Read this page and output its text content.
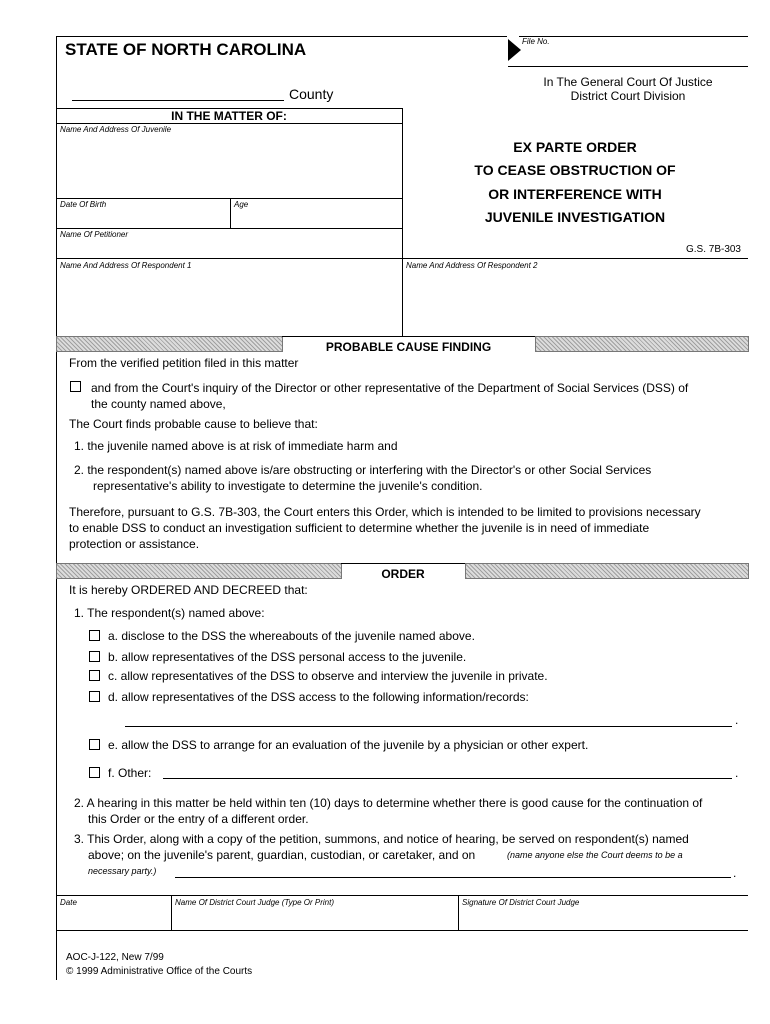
STATE OF NORTH CAROLINA	File No.
County
In The General Court Of Justice
District Court Division
IN THE MATTER OF:
Name And Address Of Juvenile
Date Of Birth	Age
Name Of Petitioner
EX PARTE ORDER
TO CEASE OBSTRUCTION OF
OR INTERFERENCE WITH
JUVENILE INVESTIGATION
G.S. 7B-303
Name And Address Of Respondent 1	Name And Address Of Respondent 2
PROBABLE CAUSE FINDING
From the verified petition filed in this matter
and from the Court's inquiry of the Director or other representative of the Department of Social Services (DSS) of
the county named above,
The Court finds probable cause to believe that:
1. the juvenile named above is at risk of immediate harm and
2. the respondent(s) named above is/are obstructing or interfering with the Director's or other Social Services
representative's ability to investigate to determine the juvenile's condition.
Therefore, pursuant to G.S. 7B-303, the Court enters this Order, which is intended to be limited to provisions necessary
to enable DSS to conduct an investigation sufficient to determine whether the juvenile is in need of immediate
protection or assistance.
ORDER
It is hereby ORDERED AND DECREED that:
1. The respondent(s) named above:
a. disclose to the DSS the whereabouts of the juvenile named above.
b. allow representatives of the DSS personal access to the juvenile.
c. allow representatives of the DSS to observe and interview the juvenile in private.
d. allow representatives of the DSS access to the following information/records:
.
e. allow the DSS to arrange for an evaluation of the juvenile by a physician or other expert.
f. Other:	.
2. A hearing in this matter be held within ten (10) days to determine whether there is good cause for the continuation of
this Order or the entry of a different order.
3. This Order, along with a copy of the petition, summons, and notice of hearing, be served on respondent(s) named
above; on the juvenile's parent, guardian, custodian, or caretaker, and on	(name anyone else the Court deems to be a
necessary party.)	.
Date	Name Of District Court Judge (Type Or Print)	Signature Of District Court Judge
AOC-J-122, New 7/99
© 1999 Administrative Office of the Courts
